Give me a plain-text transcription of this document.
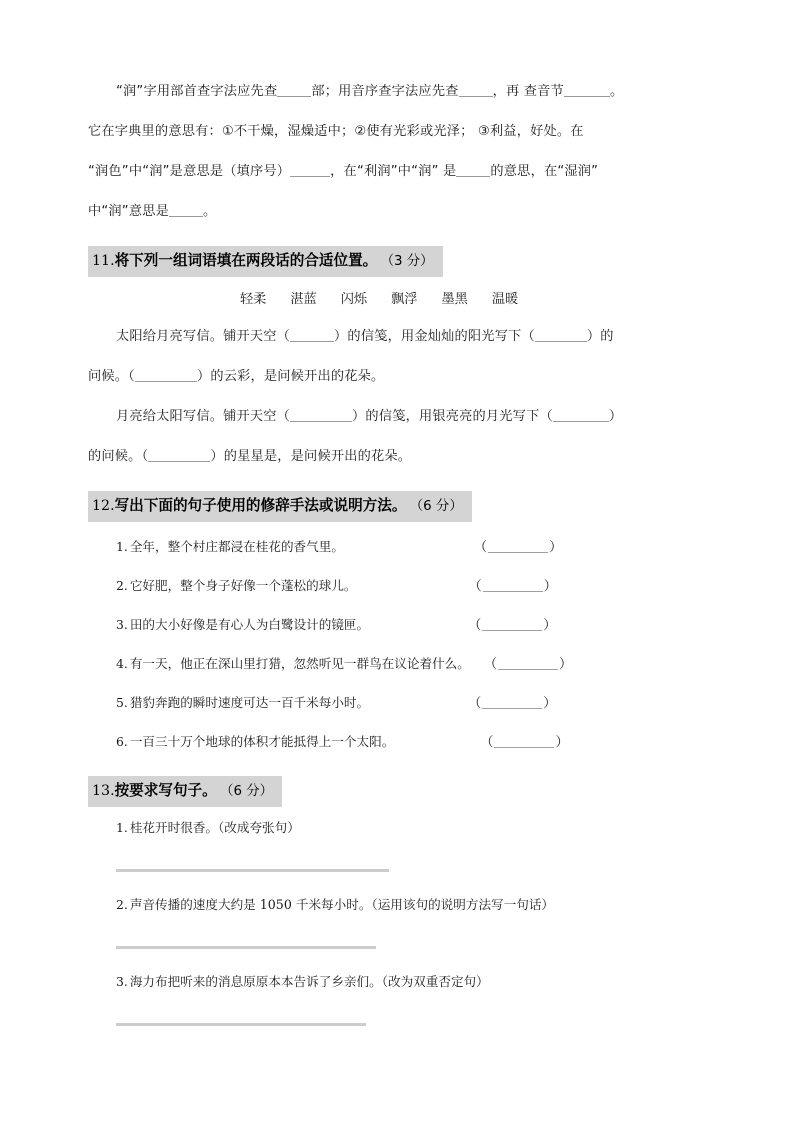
“润”字用部首查字法应先查	部；用音序查字法应先查	，再 查音节	。
它在字典里的意思有：①不干燥，湿燥适中；②使有光彩或光泽； ③利益，好处。在
“润色”中“润”是意思是（填序号）	，在“利润”中“润” 是	的意思，在“湿润”
中“润”意思是	。
11.将下列一组词语填在两段话的合适位置。 （3 分）
轻柔 湛蓝 闪烁 飘浮 墨黑 温暖
太阳给月亮写信。铺开天空（	）的信笺，用金灿灿的阳光写下（	）的
问候。（	）的云彩，是问候开出的花朵。
月亮给太阳写信。铺开天空（	）的信笺，用银亮亮的月光写下（	）
的问候。（	）的星星是，是问候开出的花朵。
12.写出下面的句子使用的修辞手法或说明方法。 （6 分）
1. 全年，整个村庄都浸在桂花的香气里。	（	）
2. 它好肥，整个身子好像一个蓬松的球儿。	（	）
3. 田的大小好像是有心人为白鹭设计的镜匣。	（	）
4. 有一天，他正在深山里打猎，忽然听见一群鸟在议论着什么。 （	）
5. 猎豹奔跑的瞬时速度可达一百千米每小时。	（	）
6. 一百三十万个地球的体积才能抵得上一个太阳。	（	）
13.按要求写句子。 （6 分）
1. 桂花开时很香。（改成夸张句）
2. 声音传播的速度大约是 1050 千米每小时。（运用该句的说明方法写一句话）
3. 海力布把听来的消息原原本本告诉了乡亲们。（改为双重否定句）
